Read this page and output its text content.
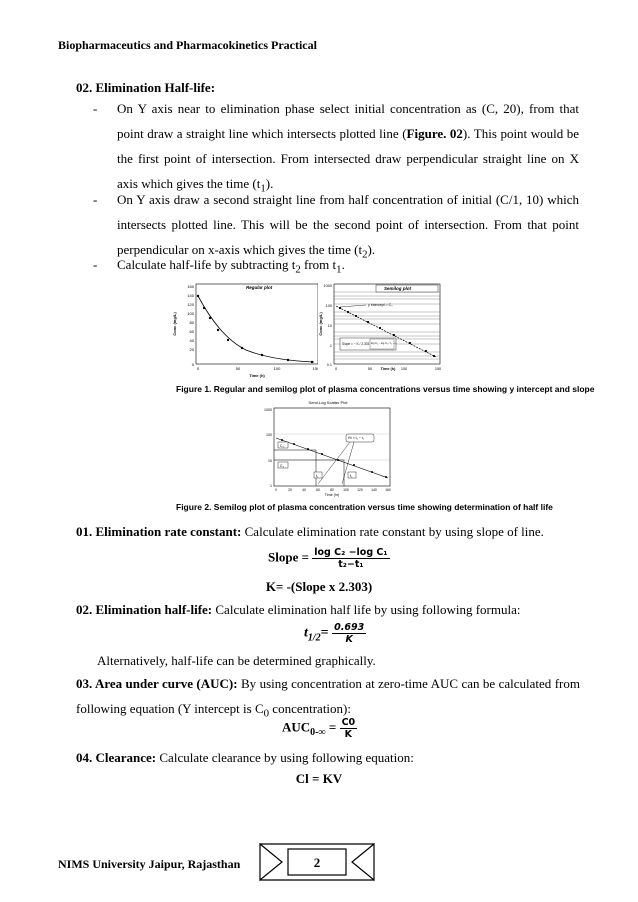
Biopharmaceutics and Pharmacokinetics Practical
02. Elimination Half-life:
- On Y axis near to elimination phase select initial concentration as (C, 20), from that point draw a straight line which intersects plotted line (Figure. 02). This point would be the first point of intersection. From intersected draw perpendicular straight line on X axis which gives the time $(t_1)$.
- On Y axis draw a second straight line from half concentration of initial (C/1, 10) which intersects plotted line. This will be the second point of intersection. From that point perpendicular on x-axis which gives the time $(t_2)$.
- Calculate half-life by subtracting $t_2$ from $t_1$.
Regular plot
160
140
120
100
80
60
40
20
0
Conc (mg/L)
0	50	100	150
Time (h)
Semilog plot
1000
100
10
1
0.1
Conc (mg/L)
0	50	100	150
Time (h)
y intercept = C₀
Slope = − K / 2.303 log C₁ − log C₂ / t₁ − t₂
Figure 1. Regular and semilog plot of plasma concentrations versus time showing y intercept and slope
Semi-Log Scatter Plot
1000
100
10
1
0	20	40	60	80	100 120 140 160
Time (hr)
C₁
C₂
t₁	t₂
t½ = t₂ − t₁
Figure 2. Semilog plot of plasma concentration versus time showing determination of half life
01. Elimination rate constant: Calculate elimination rate constant by using slope of line.
Slope = $\frac{\text{log C₂ −log C₁}}{\text{t₂−t₁}}$
K= -(Slope x 2.303)
02. Elimination half-life: Calculate elimination half life by using following formula:
$t_{1/2}= \frac{0.693}{K}$
Alternatively, half-life can be determined graphically.
03. Area under curve (AUC): By using concentration at zero-time AUC can be calculated from following equation (Y intercept is $C_0$ concentration):
$AUC_{0-\infty} = \frac{C0}{K}$
04. Clearance: Calculate clearance by using following equation:
Cl = KV
NIMS University Jaipur, Rajasthan	2
